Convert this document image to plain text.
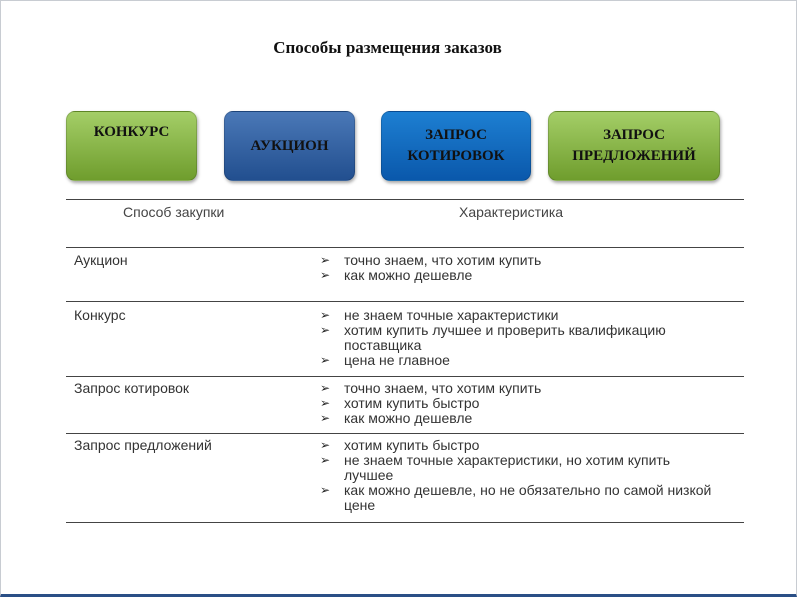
Способы размещения заказов
КОНКУРС
АУКЦИОН
ЗАПРОС
КОТИРОВОК
ЗАПРОС
ПРЕДЛОЖЕНИЙ
Способ закупки	Характеристика
Аукцион	➢ точно знаем, что хотим купить
➢ как можно дешевле
Конкурс	➢ не знаем точные характеристики
➢ хотим купить лучшее и проверить квалификацию поставщика
➢ цена не главное
Запрос котировок	➢ точно знаем, что хотим купить
➢ хотим купить быстро
➢ как можно дешевле
Запрос предложений	➢ хотим купить быстро
➢ не знаем точные характеристики, но хотим купить лучшее
➢ как можно дешевле, но не обязательно по самой низкой цене
